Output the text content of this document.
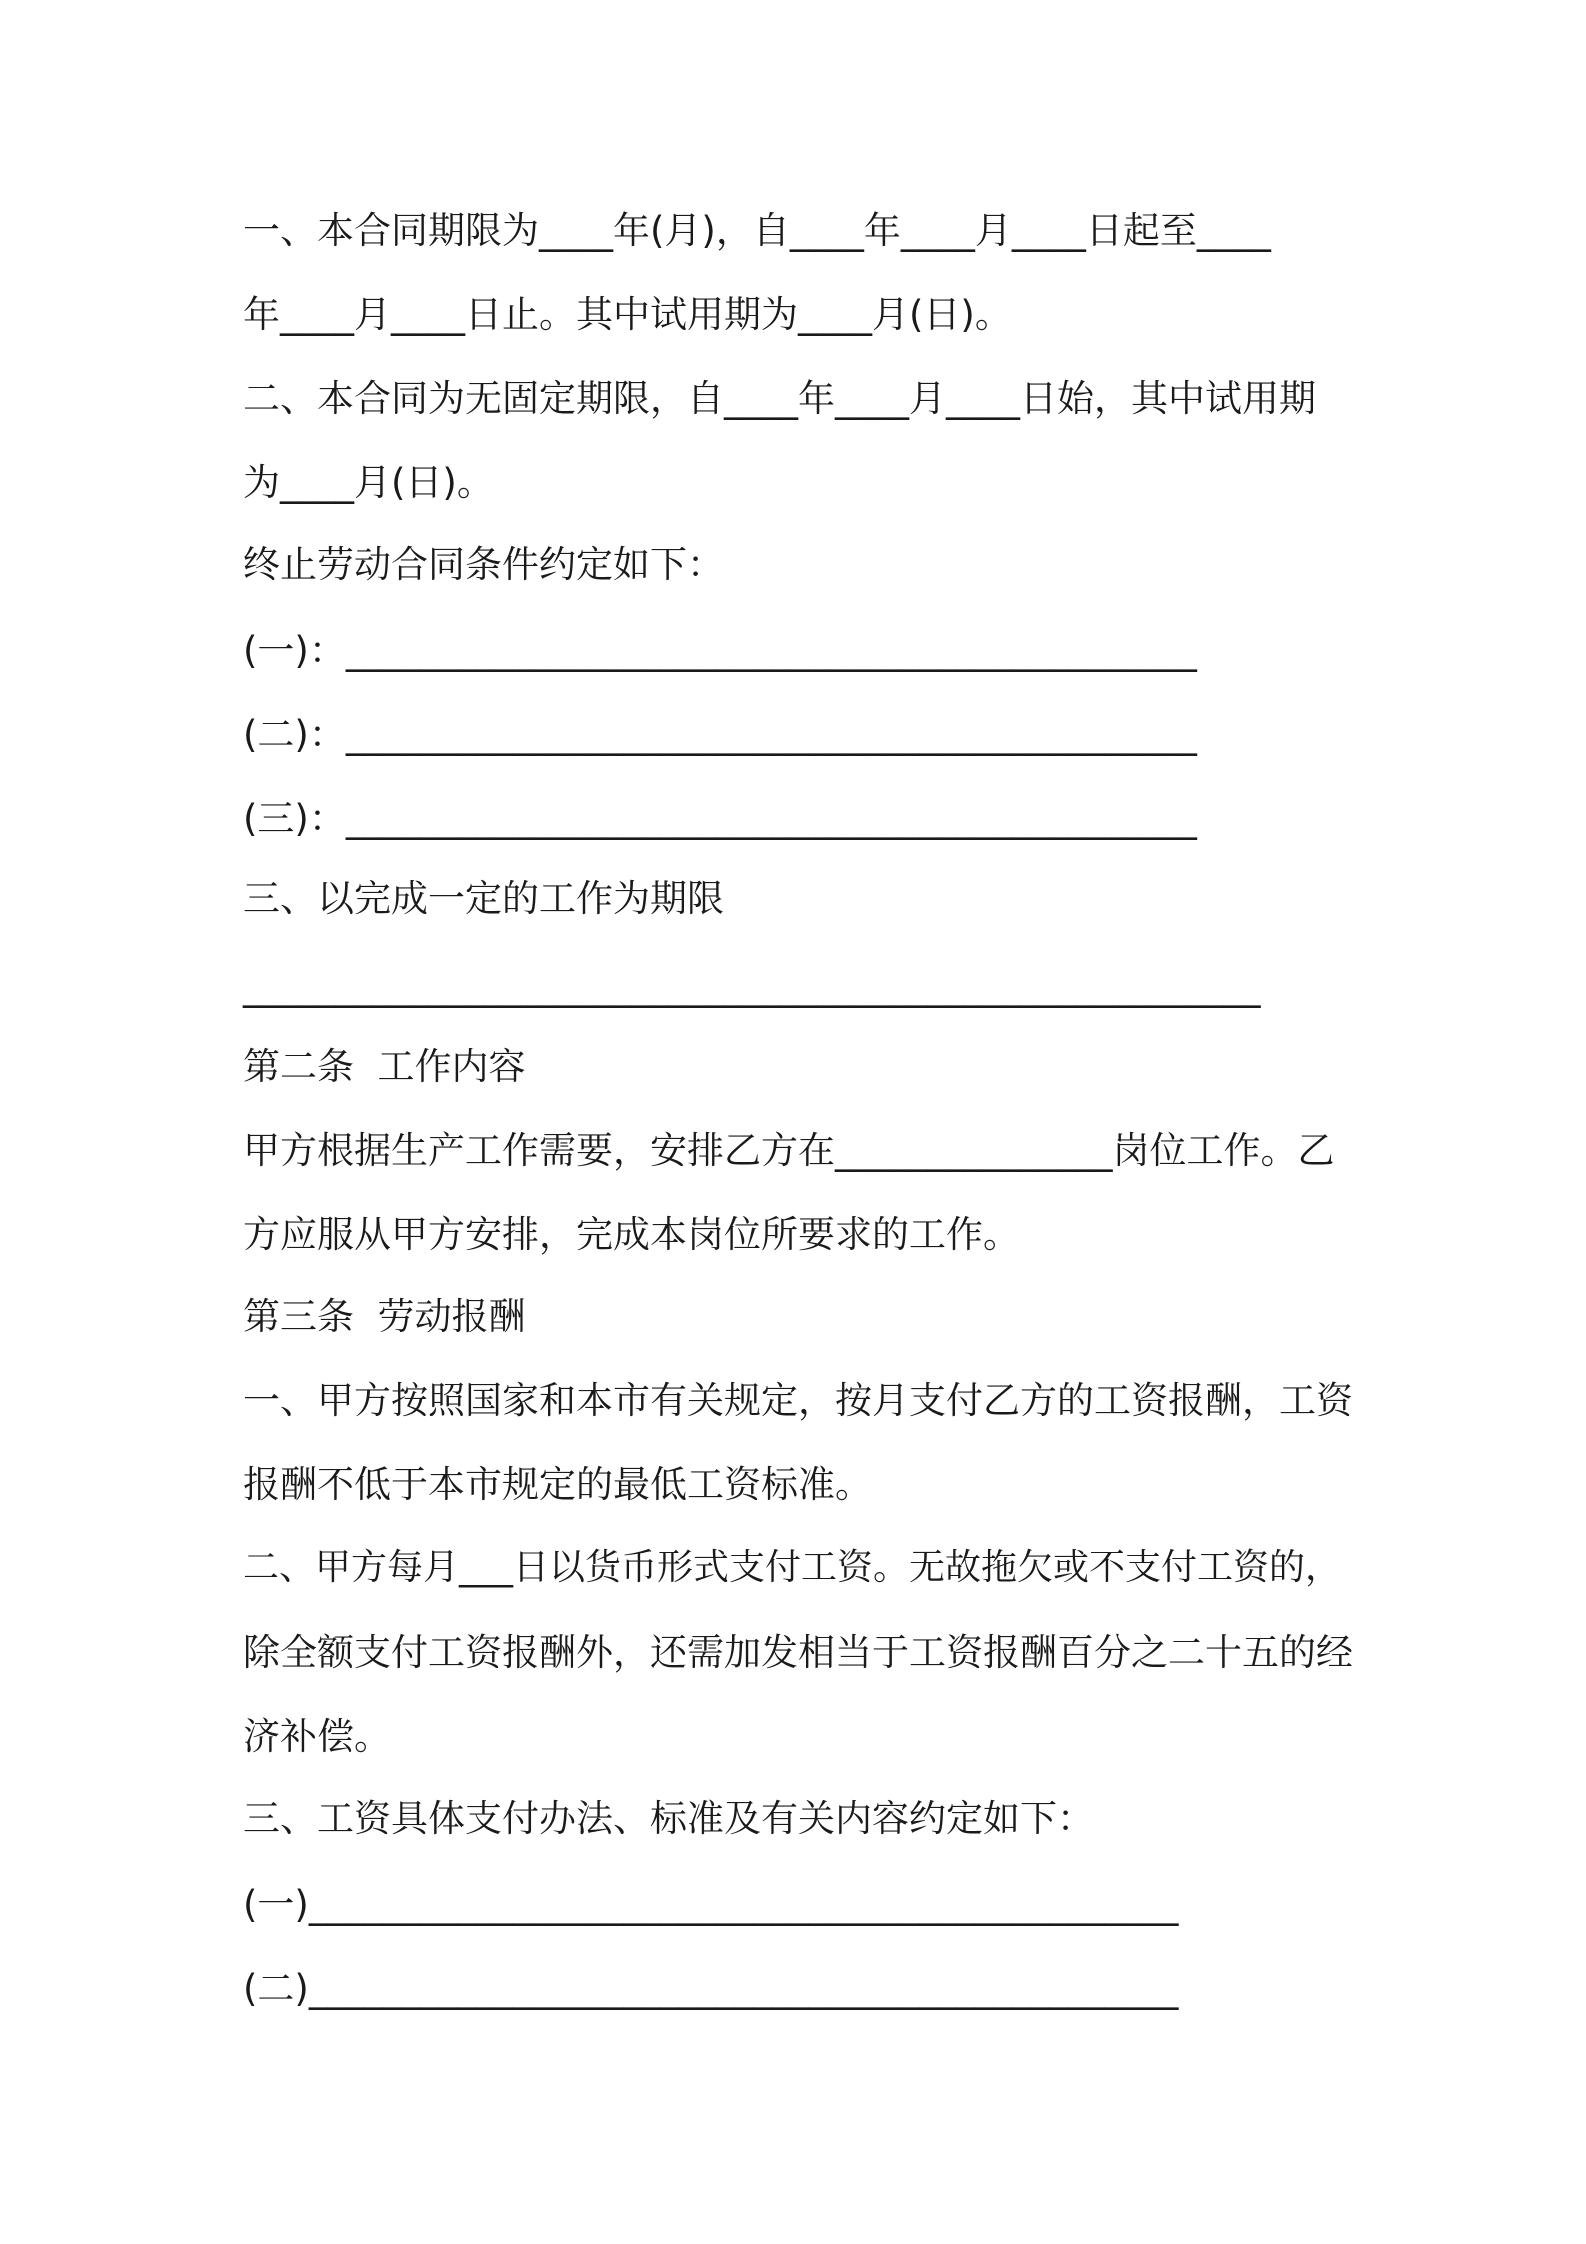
一、本合同期限为____年(月)，自____年____月____日起至____
年____月____日止。其中试用期为____月(日)。
二、本合同为无固定期限，自____年____月____日始，其中试用期
为____月(日)。
终止劳动合同条件约定如下：
(一)：______________________________________________
(二)：______________________________________________
(三)：______________________________________________
三、以完成一定的工作为期限
_______________________________________________________
第二条  工作内容
甲方根据生产工作需要，安排乙方在_______________岗位工作。乙
方应服从甲方安排，完成本岗位所要求的工作。
第三条  劳动报酬
一、甲方按照国家和本市有关规定，按月支付乙方的工资报酬，工资
报酬不低于本市规定的最低工资标准。
二、甲方每月___日以货币形式支付工资。无故拖欠或不支付工资的，
除全额支付工资报酬外，还需加发相当于工资报酬百分之二十五的经
济补偿。
三、工资具体支付办法、标准及有关内容约定如下：
(一)_______________________________________________
(二)_______________________________________________
